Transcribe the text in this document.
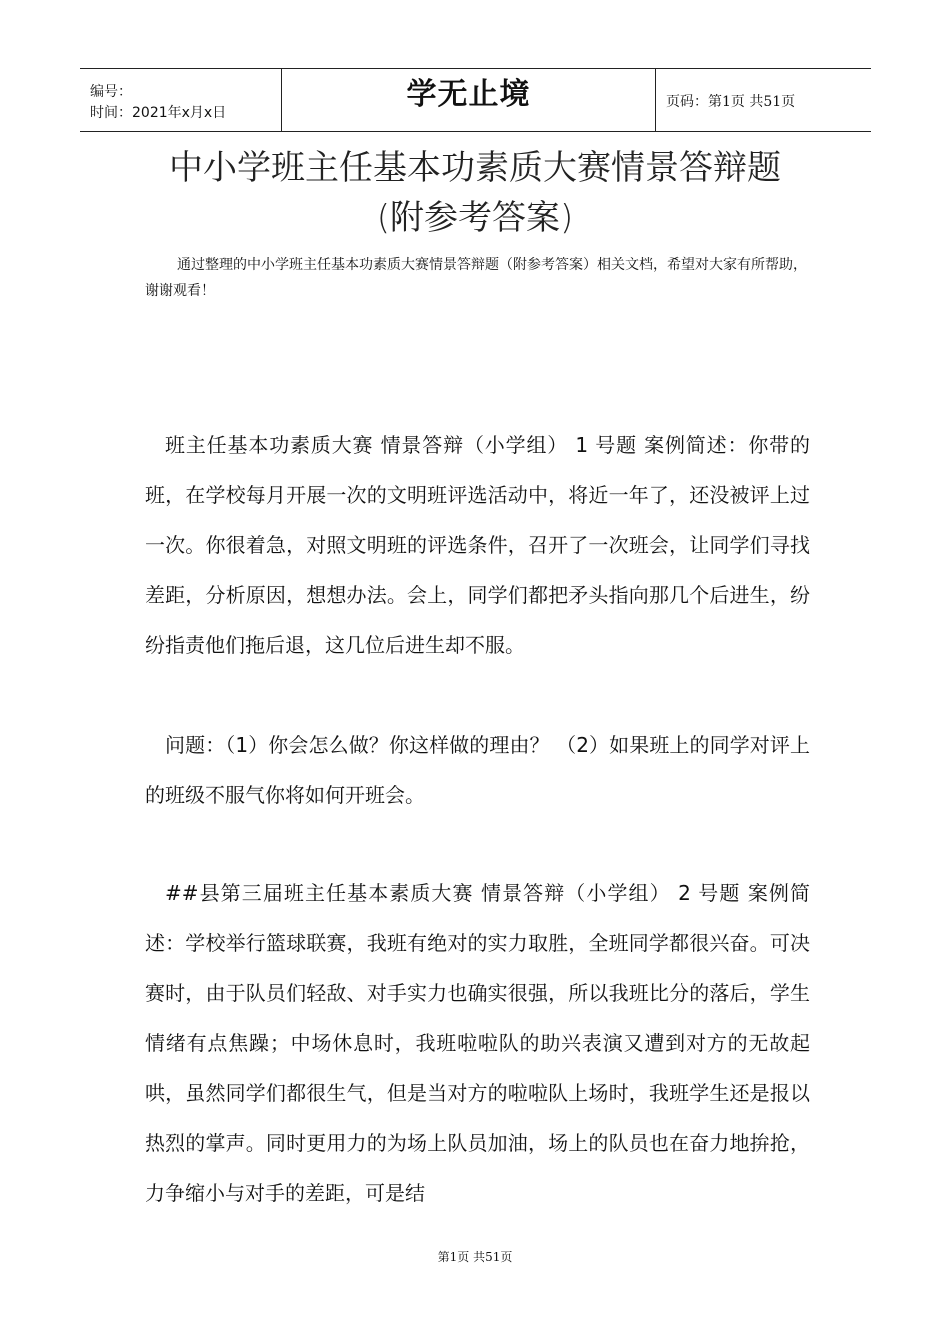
编号：
时间：2021年x月x日
学无止境	页码：第1页 共51页
中小学班主任基本功素质大赛情景答辩题
(附参考答案)
通过整理的中小学班主任基本功素质大赛情景答辩题（附参考答案）相关文档，希望对大家有所帮助，谢谢观看！
班主任基本功素质大赛 情景答辩（小学组） 1 号题 案例简述：你带的班，在学校每月开展一次的文明班评选活动中，将近一年了，还没被评上过一次。你很着急，对照文明班的评选条件，召开了一次班会，让同学们寻找差距，分析原因，想想办法。会上，同学们都把矛头指向那几个后进生，纷纷指责他们拖后退，这几位后进生却不服。
问题：（1）你会怎么做？你这样做的理由？ （2）如果班上的同学对评上的班级不服气你将如何开班会。
##县第三届班主任基本素质大赛 情景答辩（小学组） 2 号题 案例简述：学校举行篮球联赛，我班有绝对的实力取胜，全班同学都很兴奋。可决赛时，由于队员们轻敌、对手实力也确实很强，所以我班比分的落后，学生情绪有点焦躁；中场休息时，我班啦啦队的助兴表演又遭到对方的无故起哄，虽然同学们都很生气，但是当对方的啦啦队上场时，我班学生还是报以热烈的掌声。同时更用力的为场上队员加油，场上的队员也在奋力地拚抢，力争缩小与对手的差距，可是结
第1页 共51页
